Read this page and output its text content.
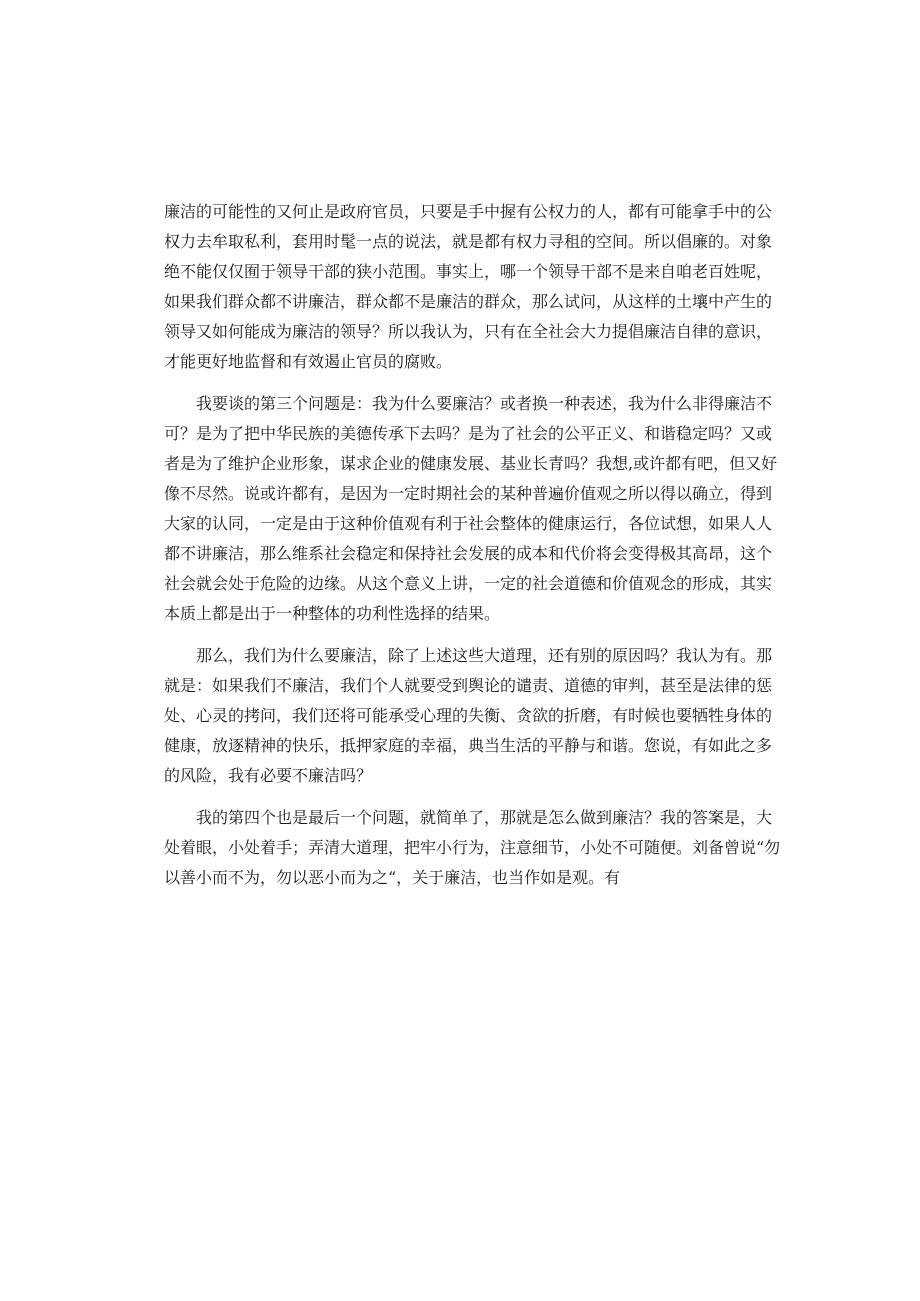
廉洁的可能性的又何止是政府官员，只要是手中握有公权力的人，都有可能拿手中的公
权力去牟取私利，套用时髦一点的说法，就是都有权力寻租的空间。所以倡廉的。对象
绝不能仅仅囿于领导干部的狭小范围。事实上，哪一个领导干部不是来自咱老百姓呢，
如果我们群众都不讲廉洁，群众都不是廉洁的群众，那么试问，从这样的土壤中产生的
领导又如何能成为廉洁的领导？所以我认为，只有在全社会大力提倡廉洁自律的意识，
才能更好地监督和有效遏止官员的腐败。
我要谈的第三个问题是：我为什么要廉洁？或者换一种表述，我为什么非得廉洁不
可？是为了把中华民族的美德传承下去吗？是为了社会的公平正义、和谐稳定吗？又或
者是为了维护企业形象，谋求企业的健康发展、基业长青吗？我想,或许都有吧，但又好
像不尽然。说或许都有，是因为一定时期社会的某种普遍价值观之所以得以确立，得到
大家的认同，一定是由于这种价值观有利于社会整体的健康运行，各位试想，如果人人
都不讲廉洁，那么维系社会稳定和保持社会发展的成本和代价将会变得极其高昂，这个
社会就会处于危险的边缘。从这个意义上讲，一定的社会道德和价值观念的形成，其实
本质上都是出于一种整体的功利性选择的结果。
那么，我们为什么要廉洁，除了上述这些大道理，还有别的原因吗？我认为有。那
就是：如果我们不廉洁，我们个人就要受到舆论的谴责、道德的审判，甚至是法律的惩
处、心灵的拷问，我们还将可能承受心理的失衡、贪欲的折磨，有时候也要牺牲身体的
健康，放逐精神的快乐，抵押家庭的幸福，典当生活的平静与和谐。您说，有如此之多
的风险，我有必要不廉洁吗？
我的第四个也是最后一个问题，就简单了，那就是怎么做到廉洁？我的答案是，大
处着眼，小处着手；弄清大道理，把牢小行为，注意细节，小处不可随便。刘备曾说“勿
以善小而不为，勿以恶小而为之“，关于廉洁，也当作如是观。有
